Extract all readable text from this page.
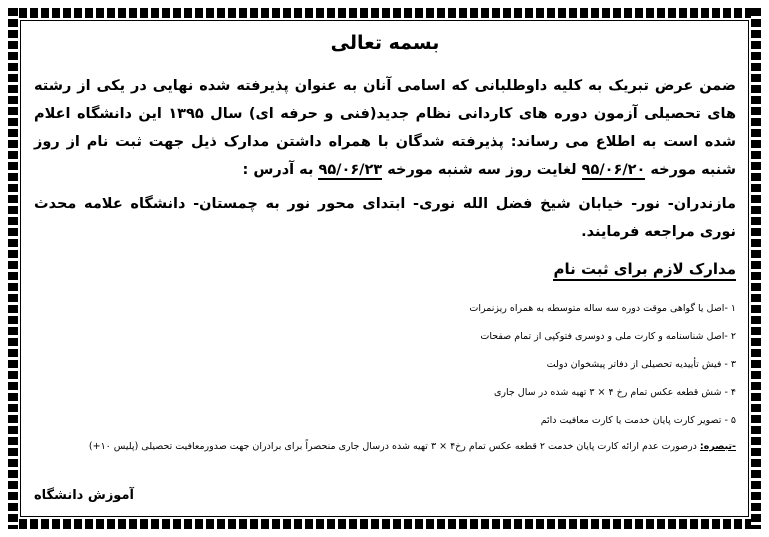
بسمه تعالی

ضمن عرض تبریک به کلیه داوطلبانی که اسامی آنان به عنوان پذیرفته شده نهایی در یکی از رشته های تحصیلی آزمون دوره های کاردانی نظام جدید(فنی و حرفه ای) سال ۱۳۹۵ این دانشگاه اعلام شده است به اطلاع می رساند: پذیرفته شدگان با همراه داشتن مدارک ذیل جهت ثبت نام از روز شنبه مورخه ۹۵/۰۶/۲۰ لغایت روز سه شنبه مورخه ۹۵/۰۶/۲۳ به آدرس :

مازندران- نور- خیابان شیخ فضل الله نوری- ابتدای محور نور به چمستان- دانشگاه علامه محدث نوری مراجعه فرمایند.

مدارک لازم برای ثبت نام
۱ -اصل یا گواهی موقت دوره سه ساله متوسطه به همراه ریزنمرات
۲ -اصل شناسنامه و کارت ملی و دوسری فتوکپی از تمام صفحات
۳ - فیش تأییدیه تحصیلی از دفاتر پیشخوان دولت
۴ - شش قطعه عکس تمام رخ ۴ × ۳ تهیه شده در سال جاری
۵ - تصویر کارت پایان خدمت یا کارت معافیت دائم
-تبصره: درصورت عدم ارائه کارت پایان خدمت ۲ قطعه عکس تمام رخ۴ × ۳ تهیه شده درسال جاری منحصراً برای برادران جهت صدورمعافیت تحصیلی (پلیس ۱۰+)
آموزش دانشگاه
